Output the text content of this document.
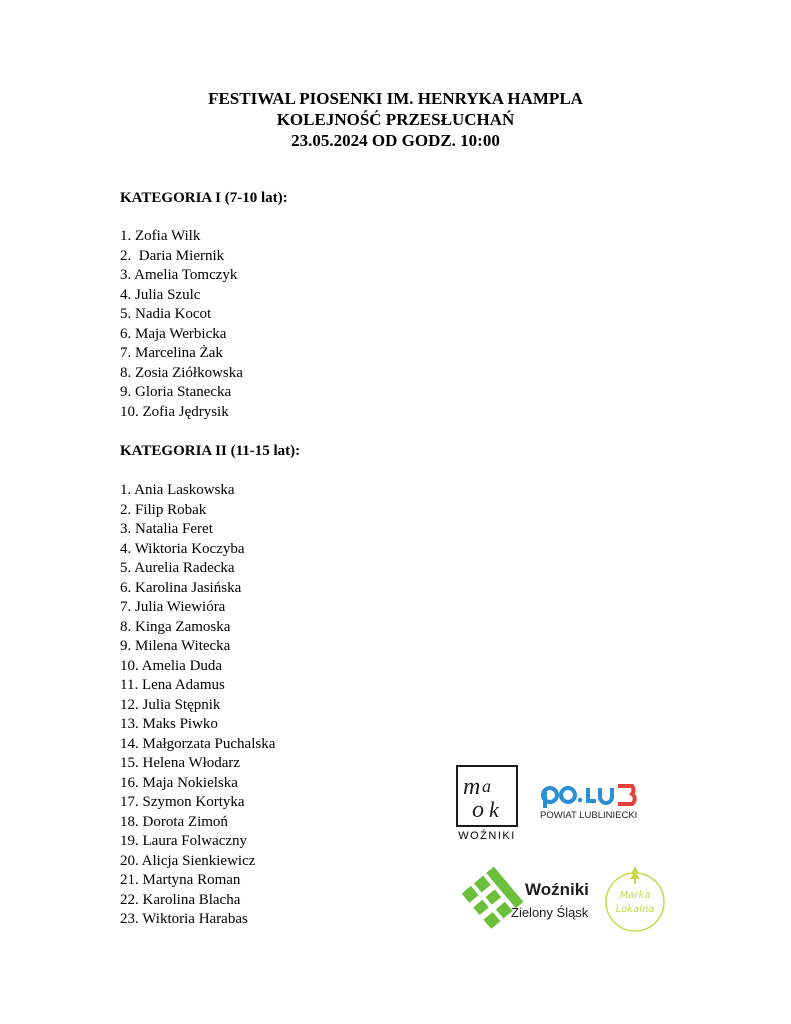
FESTIWAL PIOSENKI IM. HENRYKA HAMPLA
KOLEJNOŚĆ PRZESŁUCHAŃ
23.05.2024 OD GODZ. 10:00
KATEGORIA I (7-10 lat):
1. Zofia Wilk
2.  Daria Miernik
3. Amelia Tomczyk
4. Julia Szulc
5. Nadia Kocot
6. Maja Werbicka
7. Marcelina Żak
8. Zosia Ziółkowska
9. Gloria Stanecka
10. Zofia Jędrysik
KATEGORIA II (11-15 lat):
1. Ania Laskowska
2. Filip Robak
3. Natalia Feret
4. Wiktoria Koczyba
5. Aurelia Radecka
6. Karolina Jasińska
7. Julia Wiewióra
8. Kinga Zamoska
9. Milena Witecka
10. Amelia Duda
11. Lena Adamus
12. Julia Stępnik
13. Maks Piwko
14. Małgorzata Puchalska
15. Helena Włodarz
16. Maja Nokielska
17. Szymon Kortyka
18. Dorota Zimoń
19. Laura Folwaczny
20. Alicja Sienkiewicz
21. Martyna Roman
22. Karolina Blacha
23. Wiktoria Harabas
m a
o k
WOŹNIKI
POWIAT LUBLINIECKI
Woźniki
Zielony Śląsk
Marka
Lokalna
